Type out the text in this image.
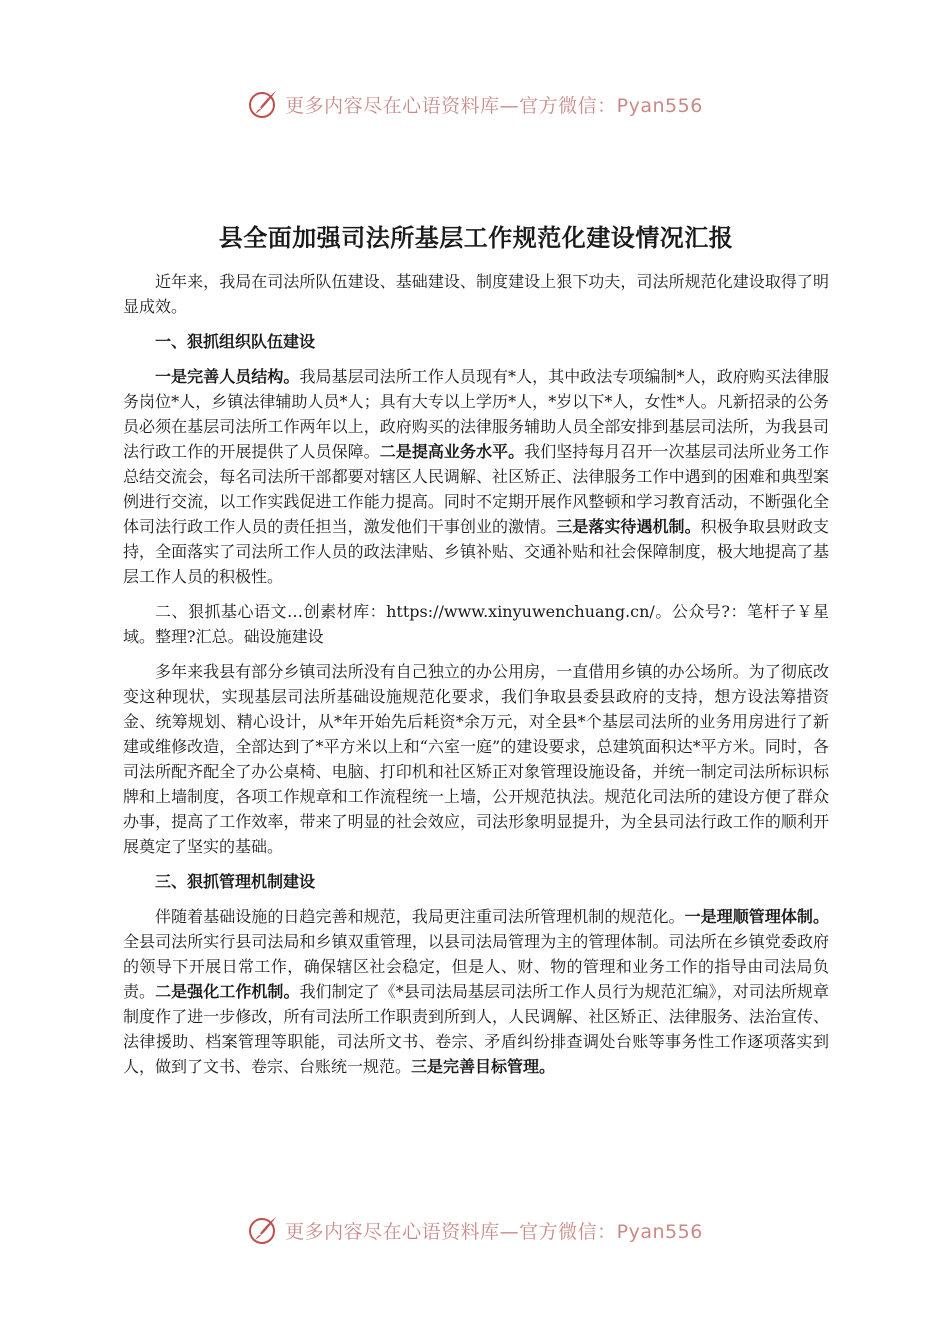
更多内容尽在心语资料库—官方微信：Pyan556
县全面加强司法所基层工作规范化建设情况汇报

近年来，我局在司法所队伍建设、基础建设、制度建设上狠下功夫，司法所规范化建设取得了明显成效。

一、狠抓组织队伍建设

一是完善人员结构。我局基层司法所工作人员现有*人，其中政法专项编制*人，政府购买法律服务岗位*人，乡镇法律辅助人员*人；具有大专以上学历*人，*岁以下*人，女性*人。凡新招录的公务员必须在基层司法所工作两年以上，政府购买的法律服务辅助人员全部安排到基层司法所，为我县司法行政工作的开展提供了人员保障。二是提高业务水平。我们坚持每月召开一次基层司法所业务工作总结交流会，每名司法所干部都要对辖区人民调解、社区矫正、法律服务工作中遇到的困难和典型案例进行交流，以工作实践促进工作能力提高。同时不定期开展作风整顿和学习教育活动，不断强化全体司法行政工作人员的责任担当，激发他们干事创业的激情。三是落实待遇机制。积极争取县财政支持，全面落实了司法所工作人员的政法津贴、乡镇补贴、交通补贴和社会保障制度，极大地提高了基层工作人员的积极性。

二、狠抓基心语文…创素材库：https://www.xinyuwenchuang.cn/。公众号?：笔杆子￥星域。整理?汇总。础设施建设

多年来我县有部分乡镇司法所没有自己独立的办公用房，一直借用乡镇的办公场所。为了彻底改变这种现状，实现基层司法所基础设施规范化要求，我们争取县委县政府的支持，想方设法筹措资金、统筹规划、精心设计，从*年开始先后耗资*余万元，对全县*个基层司法所的业务用房进行了新建或维修改造，全部达到了*平方米以上和“六室一庭”的建设要求，总建筑面积达*平方米。同时，各司法所配齐配全了办公桌椅、电脑、打印机和社区矫正对象管理设施设备，并统一制定司法所标识标牌和上墙制度，各项工作规章和工作流程统一上墙，公开规范执法。规范化司法所的建设方便了群众办事，提高了工作效率，带来了明显的社会效应，司法形象明显提升，为全县司法行政工作的顺利开展奠定了坚实的基础。

三、狠抓管理机制建设

伴随着基础设施的日趋完善和规范，我局更注重司法所管理机制的规范化。一是理顺管理体制。全县司法所实行县司法局和乡镇双重管理，以县司法局管理为主的管理体制。司法所在乡镇党委政府的领导下开展日常工作，确保辖区社会稳定，但是人、财、物的管理和业务工作的指导由司法局负责。二是强化工作机制。我们制定了《*县司法局基层司法所工作人员行为规范汇编》，对司法所规章制度作了进一步修改，所有司法所工作职责到所到人，人民调解、社区矫正、法律服务、法治宣传、法律援助、档案管理等职能，司法所文书、卷宗、矛盾纠纷排查调处台账等事务性工作逐项落实到人，做到了文书、卷宗、台账统一规范。三是完善目标管理。

更多内容尽在心语资料库—官方微信：Pyan556
